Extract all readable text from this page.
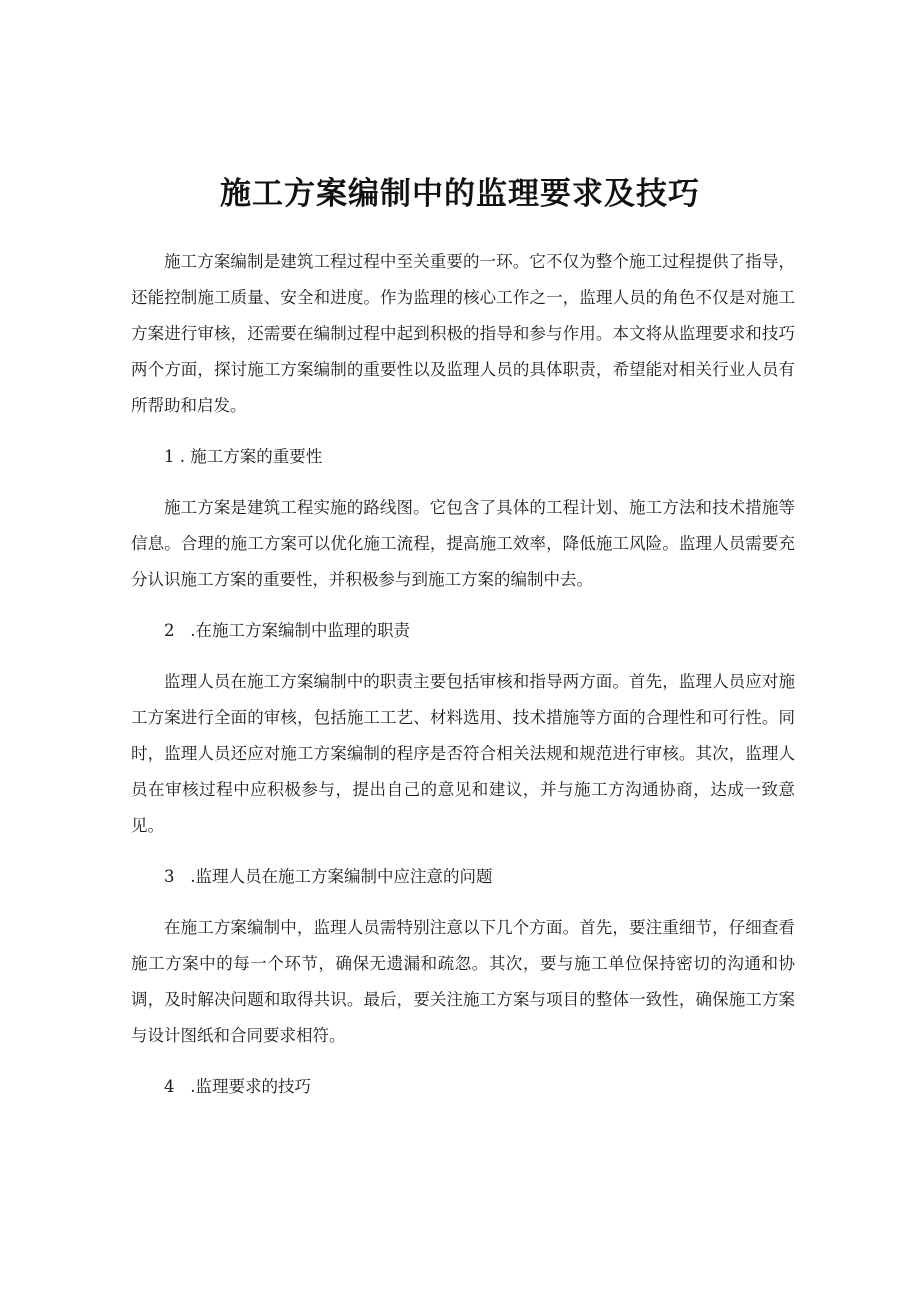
施工方案编制中的监理要求及技巧

施工方案编制是建筑工程过程中至关重要的一环。它不仅为整个施工过程提供了指导，还能控制施工质量、安全和进度。作为监理的核心工作之一，监理人员的角色不仅是对施工方案进行审核，还需要在编制过程中起到积极的指导和参与作用。本文将从监理要求和技巧两个方面，探讨施工方案编制的重要性以及监理人员的具体职责，希望能对相关行业人员有所帮助和启发。

1 . 施工方案的重要性

施工方案是建筑工程实施的路线图。它包含了具体的工程计划、施工方法和技术措施等信息。合理的施工方案可以优化施工流程，提高施工效率，降低施工风险。监理人员需要充分认识施工方案的重要性，并积极参与到施工方案的编制中去。

2   .在施工方案编制中监理的职责

监理人员在施工方案编制中的职责主要包括审核和指导两方面。首先，监理人员应对施工方案进行全面的审核，包括施工工艺、材料选用、技术措施等方面的合理性和可行性。同时，监理人员还应对施工方案编制的程序是否符合相关法规和规范进行审核。其次，监理人员在审核过程中应积极参与，提出自己的意见和建议，并与施工方沟通协商，达成一致意见。

3   .监理人员在施工方案编制中应注意的问题

在施工方案编制中，监理人员需特别注意以下几个方面。首先，要注重细节，仔细查看施工方案中的每一个环节，确保无遗漏和疏忽。其次，要与施工单位保持密切的沟通和协调，及时解决问题和取得共识。最后，要关注施工方案与项目的整体一致性，确保施工方案与设计图纸和合同要求相符。

4   .监理要求的技巧
